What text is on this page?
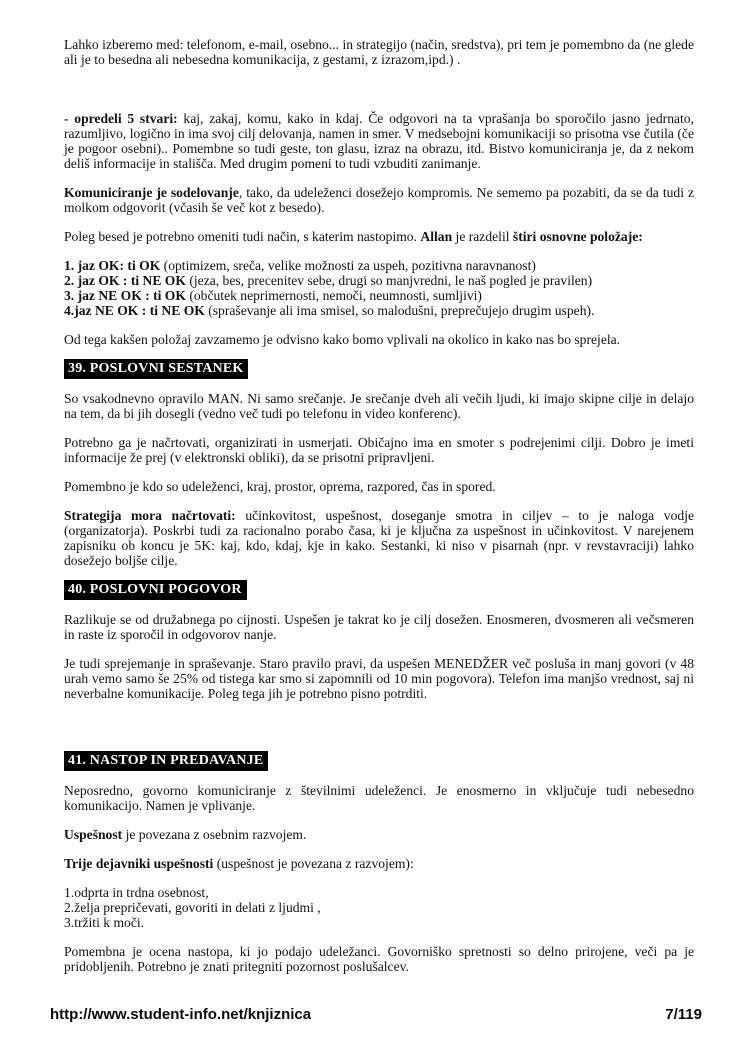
Lahko izberemo med: telefonom, e-mail, osebno... in strategijo (način, sredstva), pri tem je pomembno da (ne glede ali je to besedna ali nebesedna komunikacija, z gestami, z izrazom,ipd.) .

- opredeli 5 stvari: kaj, zakaj, komu, kako in kdaj. Če odgovori na ta vprašanja bo sporočilo jasno jedrnato, razumljivo, logično in ima svoj cilj delovanja, namen in smer. V medsebojni komunikaciji so prisotna vse čutila (če je pogoor osebni).. Pomembne so tudi geste, ton glasu, izraz na obrazu, itd. Bistvo komuniciranja je, da z nekom deliš informacije in stališča. Med drugim pomeni to tudi vzbuditi zanimanje.

Komuniciranje je sodelovanje, tako, da udeleženci dosežejo kompromis. Ne sememo pa pozabiti, da se da tudi z molkom odgovorit (včasih še več kot z besedo).

Poleg besed je potrebno omeniti tudi način, s katerim nastopimo. Allan je razdelil štiri osnovne položaje:

1. jaz OK: ti OK (optimizem, sreča, velike možnosti za uspeh, pozitivna naravnanost)
2. jaz OK : ti NE OK (jeza, bes, precenitev sebe, drugi so manjvredni, le naš pogled je pravilen)
3. jaz NE OK : ti OK (občutek neprimernosti, nemoči, neumnosti, sumljivi)
4.jaz NE OK : ti NE OK (spraševanje ali ima smisel, so malodušni, preprečujejo drugim uspeh).

Od tega kakšen položaj zavzamemo je odvisno kako bomo vplivali na okolico in kako nas bo sprejela.

39. POSLOVNI SESTANEK

So vsakodnevno opravilo MAN. Ni samo srečanje. Je srečanje dveh ali večih ljudi, ki imajo skipne cilje in delajo na tem, da bi jih dosegli (vedno več tudi po telefonu in video konferenc).

Potrebno ga je načrtovati, organizirati in usmerjati. Običajno ima en smoter s podrejenimi cilji. Dobro je imeti informacije že prej (v elektronski obliki), da se prisotni pripravljeni.

Pomembno je kdo so udeleženci, kraj, prostor, oprema, razpored, čas in spored.

Strategija mora načrtovati: učinkovitost, uspešnost, doseganje smotra in ciljev – to je naloga vodje (organizatorja). Poskrbi tudi za racionalno porabo časa, ki je ključna za uspešnost in učinkovitost. V narejenem zapisniku ob koncu je 5K: kaj, kdo, kdaj, kje in kako. Sestanki, ki niso v pisarnah (npr. v revstavraciji) lahko dosežejo boljše cilje.

40. POSLOVNI POGOVOR

Razlikuje se od družabnega po cijnosti. Uspešen je takrat ko je cilj dosežen. Enosmeren, dvosmeren ali večsmeren in raste iz sporočil in odgovorov nanje.

Je tudi sprejemanje in spraševanje. Staro pravilo pravi, da uspešen MENEDŽER več posluša in manj govori (v 48 urah vemo samo še 25% od tistega kar smo si zapomnili od 10 min pogovora). Telefon ima manjšo vrednost, saj ni neverbalne komunikacije. Poleg tega jih je potrebno pisno potrditi.

41. NASTOP IN PREDAVANJE

Neposredno, govorno komuniciranje z številnimi udeleženci. Je enosmerno in vključuje tudi nebesedno komunikacijo. Namen je vplivanje.

Uspešnost je povezana z osebnim razvojem.

Trije dejavniki uspešnosti (uspešnost je povezana z razvojem):

1.odprta in trdna osebnost,
2.želja prepričevati, govoriti in delati z ljudmi ,
3.tržiti k moči.

Pomembna je ocena nastopa, ki jo podajo udeležanci. Govorniško spretnosti so delno prirojene, veči pa je pridobljenih. Potrebno je znati pritegniti pozornost poslušalcev.

http://www.student-info.net/knjiznica	7/119
